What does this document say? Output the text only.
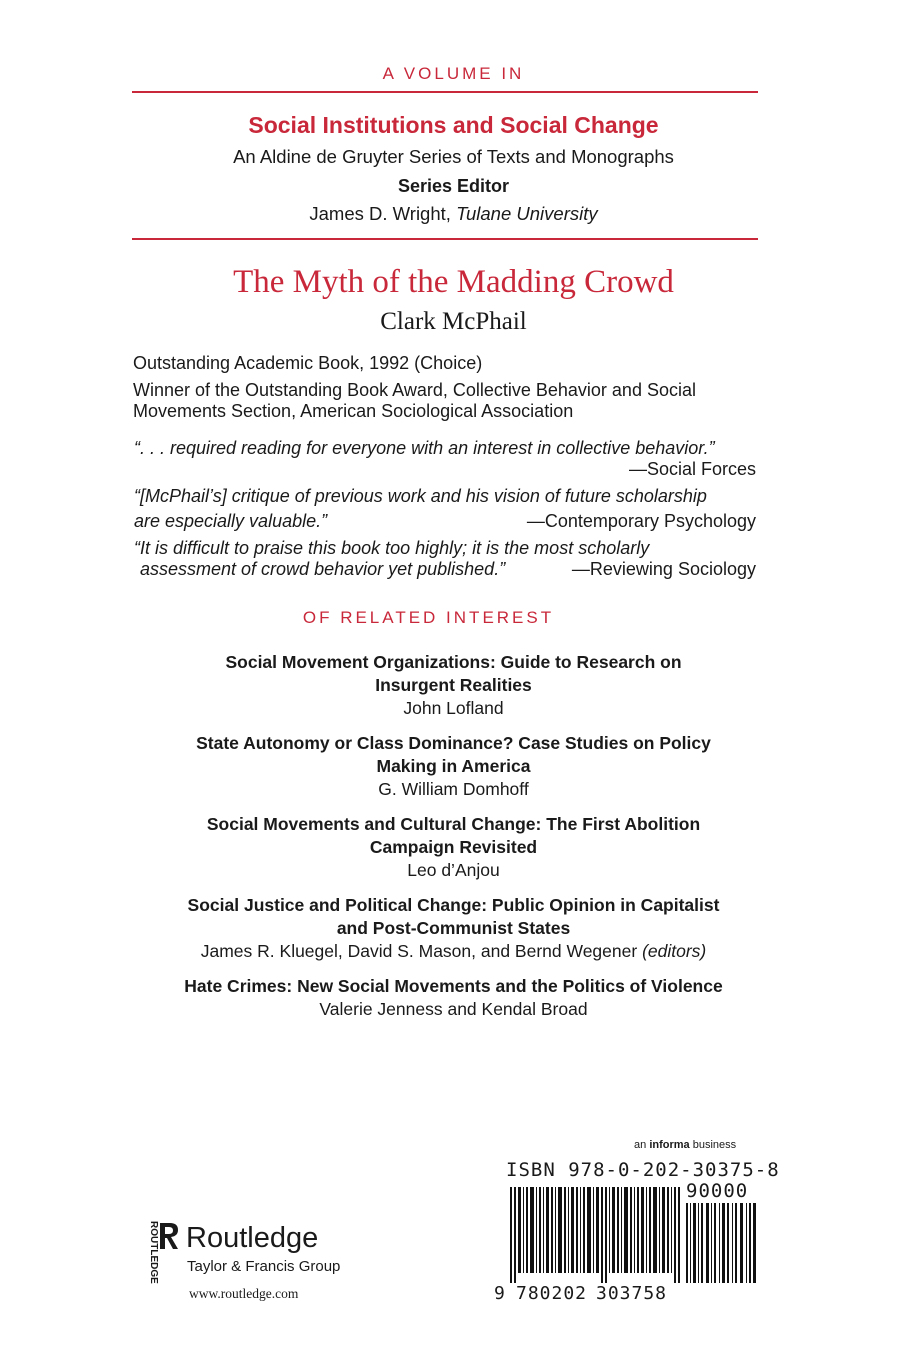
A VOLUME IN
Social Institutions and Social Change
An Aldine de Gruyter Series of Texts and Monographs
Series Editor
James D. Wright, Tulane University
The Myth of the Madding Crowd
Clark McPhail
Outstanding Academic Book, 1992 (Choice)
Winner of the Outstanding Book Award, Collective Behavior and Social
Movements Section, American Sociological Association
“. . . required reading for everyone with an interest in collective behavior.”
—Social Forces
“[McPhail’s] critique of previous work and his vision of future scholarship
are especially valuable.”	—Contemporary Psychology
“It is difficult to praise this book too highly; it is the most scholarly
assessment of crowd behavior yet published.”	—Reviewing Sociology
OF RELATED INTEREST
Social Movement Organizations: Guide to Research on
Insurgent Realities
John Lofland
State Autonomy or Class Dominance? Case Studies on Policy
Making in America
G. William Domhoff
Social Movements and Cultural Change: The First Abolition
Campaign Revisited
Leo d’Anjou
Social Justice and Political Change: Public Opinion in Capitalist
and Post-Communist States
James R. Kluegel, David S. Mason, and Bernd Wegener (editors)
Hate Crimes: New Social Movements and the Politics of Violence
Valerie Jenness and Kendal Broad
an informa business
ROUTLEDGE Routledge
Taylor & Francis Group
www.routledge.com
ISBN 978-0-202-30375-8
90000
9 780202 303758
